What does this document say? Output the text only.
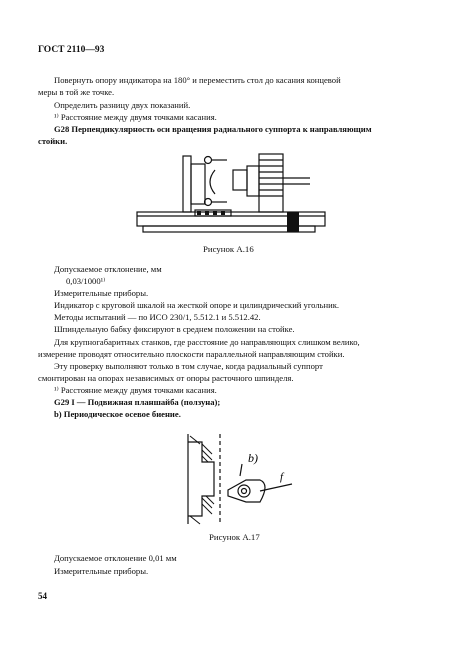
ГОСТ 2110—93
Повернуть опору индикатора на 180° и переместить стол до касания концевой
меры в той же точке.
Определить разницу двух показаний.
¹⁾ Расстояние между двумя точками касания.
G28 Перпендикулярность оси вращения радиального суппорта к направляющим
стойки.
Рисунок А.16
Допускаемое отклонение, мм
0,03/1000¹⁾
Измерительные приборы.
Индикатор с круговой шкалой на жесткой опоре и цилиндрический угольник.
Методы испытаний — по ИСО 230/1, 5.512.1 и 5.512.42.
Шпиндельную бабку фиксируют в среднем положении на стойке.
Для крупногабаритных станков, где расстояние до направляющих слишком велико,
измерение проводят относительно плоскости параллельной направляющим стойки.
Эту проверку выполняют только в том случае, когда радиальный суппорт
смонтирован на опорах независимых от опоры расточного шпинделя.
¹⁾ Расстояние между двумя точками касания.
G29 I — Подвижная планшайба (ползуна);
b) Периодическое осевое биение.
b)
f
Рисунок А.17
Допускаемое отклонение 0,01 мм
Измерительные приборы.
54
